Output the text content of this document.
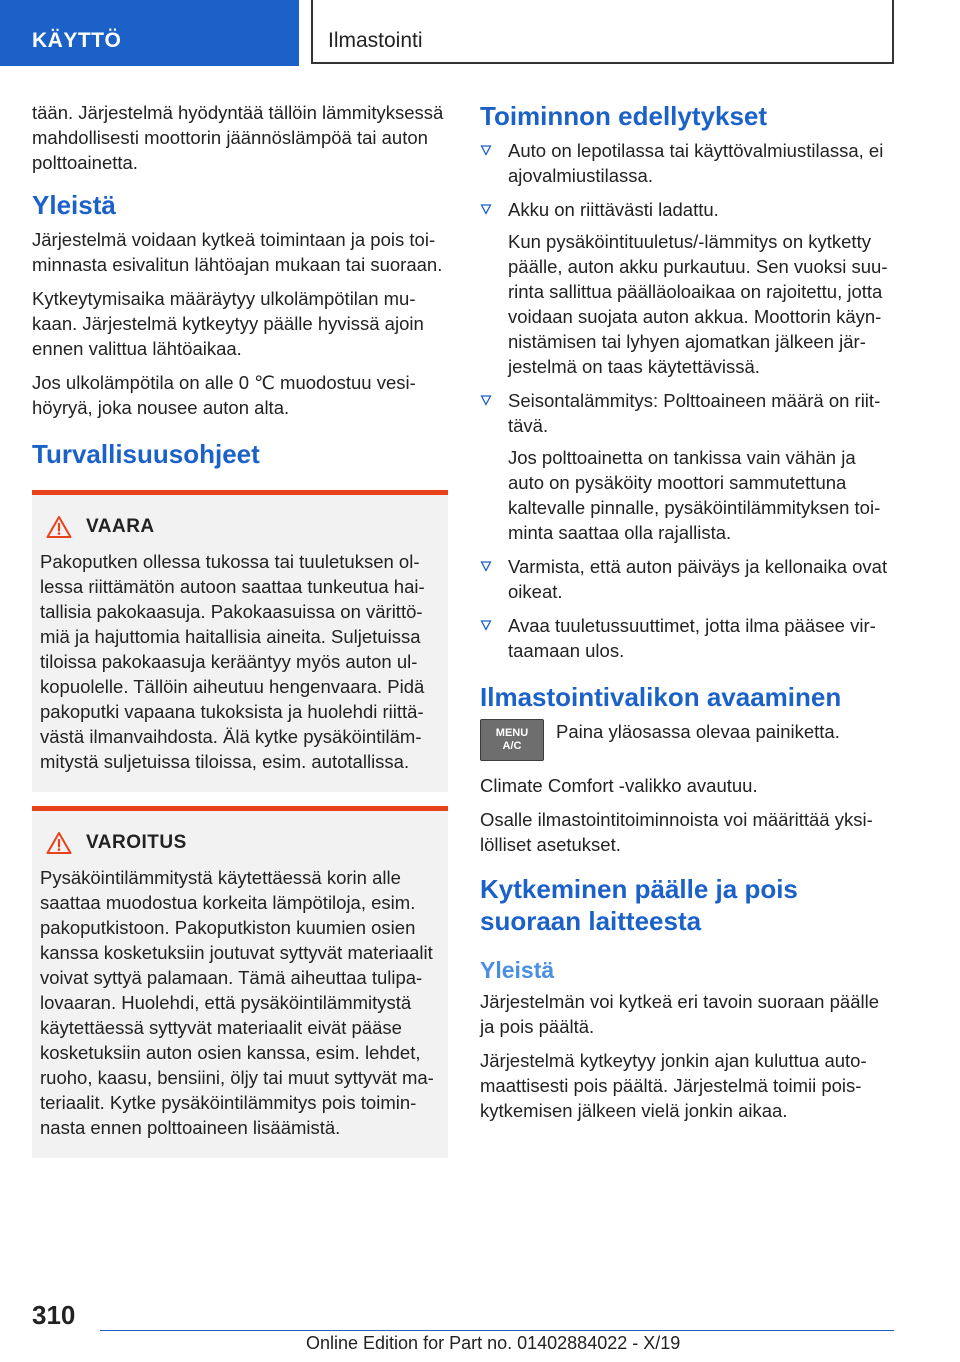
KÄYTTÖ	Ilmastointi

tään. Järjestelmä hyödyntää tällöin lämmityksessä mahdollisesti moottorin jäännöslämpöä tai auton polttoainetta.

Yleistä

Järjestelmä voidaan kytkeä toimintaan ja pois toiminnasta esivalitun lähtöajan mukaan tai suoraan.

Kytkeytymisaika määräytyy ulkolämpötilan mukaan. Järjestelmä kytkeytyy päälle hyvissä ajoin ennen valittua lähtöaikaa.

Jos ulkolämpötila on alle 0 ℃ muodostuu vesihöyryä, joka nousee auton alta.

Turvallisuusohjeet
VAARA

Pakoputken ollessa tukossa tai tuuletuksen ollessa riittämätön autoon saattaa tunkeutua haitallisia pakokaasuja. Pakokaasuissa on värittömiä ja hajuttomia haitallisia aineita. Suljetuissa tiloissa pakokaasuja kerääntyy myös auton ulkopuolelle. Tällöin aiheutuu hengenvaara. Pidä pakoputki vapaana tukoksista ja huolehdi riittävästä ilmanvaihdosta. Älä kytke pysäköintilämmitystä suljetuissa tiloissa, esim. autotallissa.

VAROITUS

Pysäköintilämmitystä käytettäessä korin alle saattaa muodostua korkeita lämpötiloja, esim. pakoputkistoon. Pakoputkiston kuumien osien kanssa kosketuksiin joutuvat syttyvät materiaalit voivat syttyä palamaan. Tämä aiheuttaa tulipalovaaran. Huolehdi, että pysäköintilämmitystä käytettäessä syttyvät materiaalit eivät pääse kosketuksiin auton osien kanssa, esim. lehdet, ruoho, kaasu, bensiini, öljy tai muut syttyvät materiaalit. Kytke pysäköintilämmitys pois toiminnasta ennen polttoaineen lisäämistä.

Toiminnon edellytykset

Auto on lepotilassa tai käyttövalmiustilassa, ei ajovalmiustilassa.

Akku on riittävästi ladattu.

Kun pysäköintituuletus/-lämmitys on kytketty päälle, auton akku purkautuu. Sen vuoksi suurinta sallittua päälläoloaikaa on rajoitettu, jotta voidaan suojata auton akkua. Moottorin käynnistämisen tai lyhyen ajomatkan jälkeen järjestelmä on taas käytettävissä.

Seisontalämmitys: Polttoaineen määrä on riittävä.

Jos polttoainetta on tankissa vain vähän ja auto on pysäköity moottori sammutettuna kaltevalle pinnalle, pysäköintilämmityksen toiminta saattaa olla rajallista.

Varmista, että auton päiväys ja kellonaika ovat oikeat.

Avaa tuuletussuuttimet, jotta ilma pääsee virtaamaan ulos.

Ilmastointivalikon avaaminen
MENU
A/C

Paina yläosassa olevaa painiketta.

Climate Comfort -valikko avautuu.

Osalle ilmastointitoiminnoista voi määrittää yksilölliset asetukset.

Kytkeminen päälle ja pois suoraan laitteesta
Yleistä

Järjestelmän voi kytkeä eri tavoin suoraan päälle ja pois päältä.

Järjestelmä kytkeytyy jonkin ajan kuluttua automaattisesti pois päältä. Järjestelmä toimii poiskytkemisen jälkeen vielä jonkin aikaa.

310
Online Edition for Part no. 01402884022 - X/19
